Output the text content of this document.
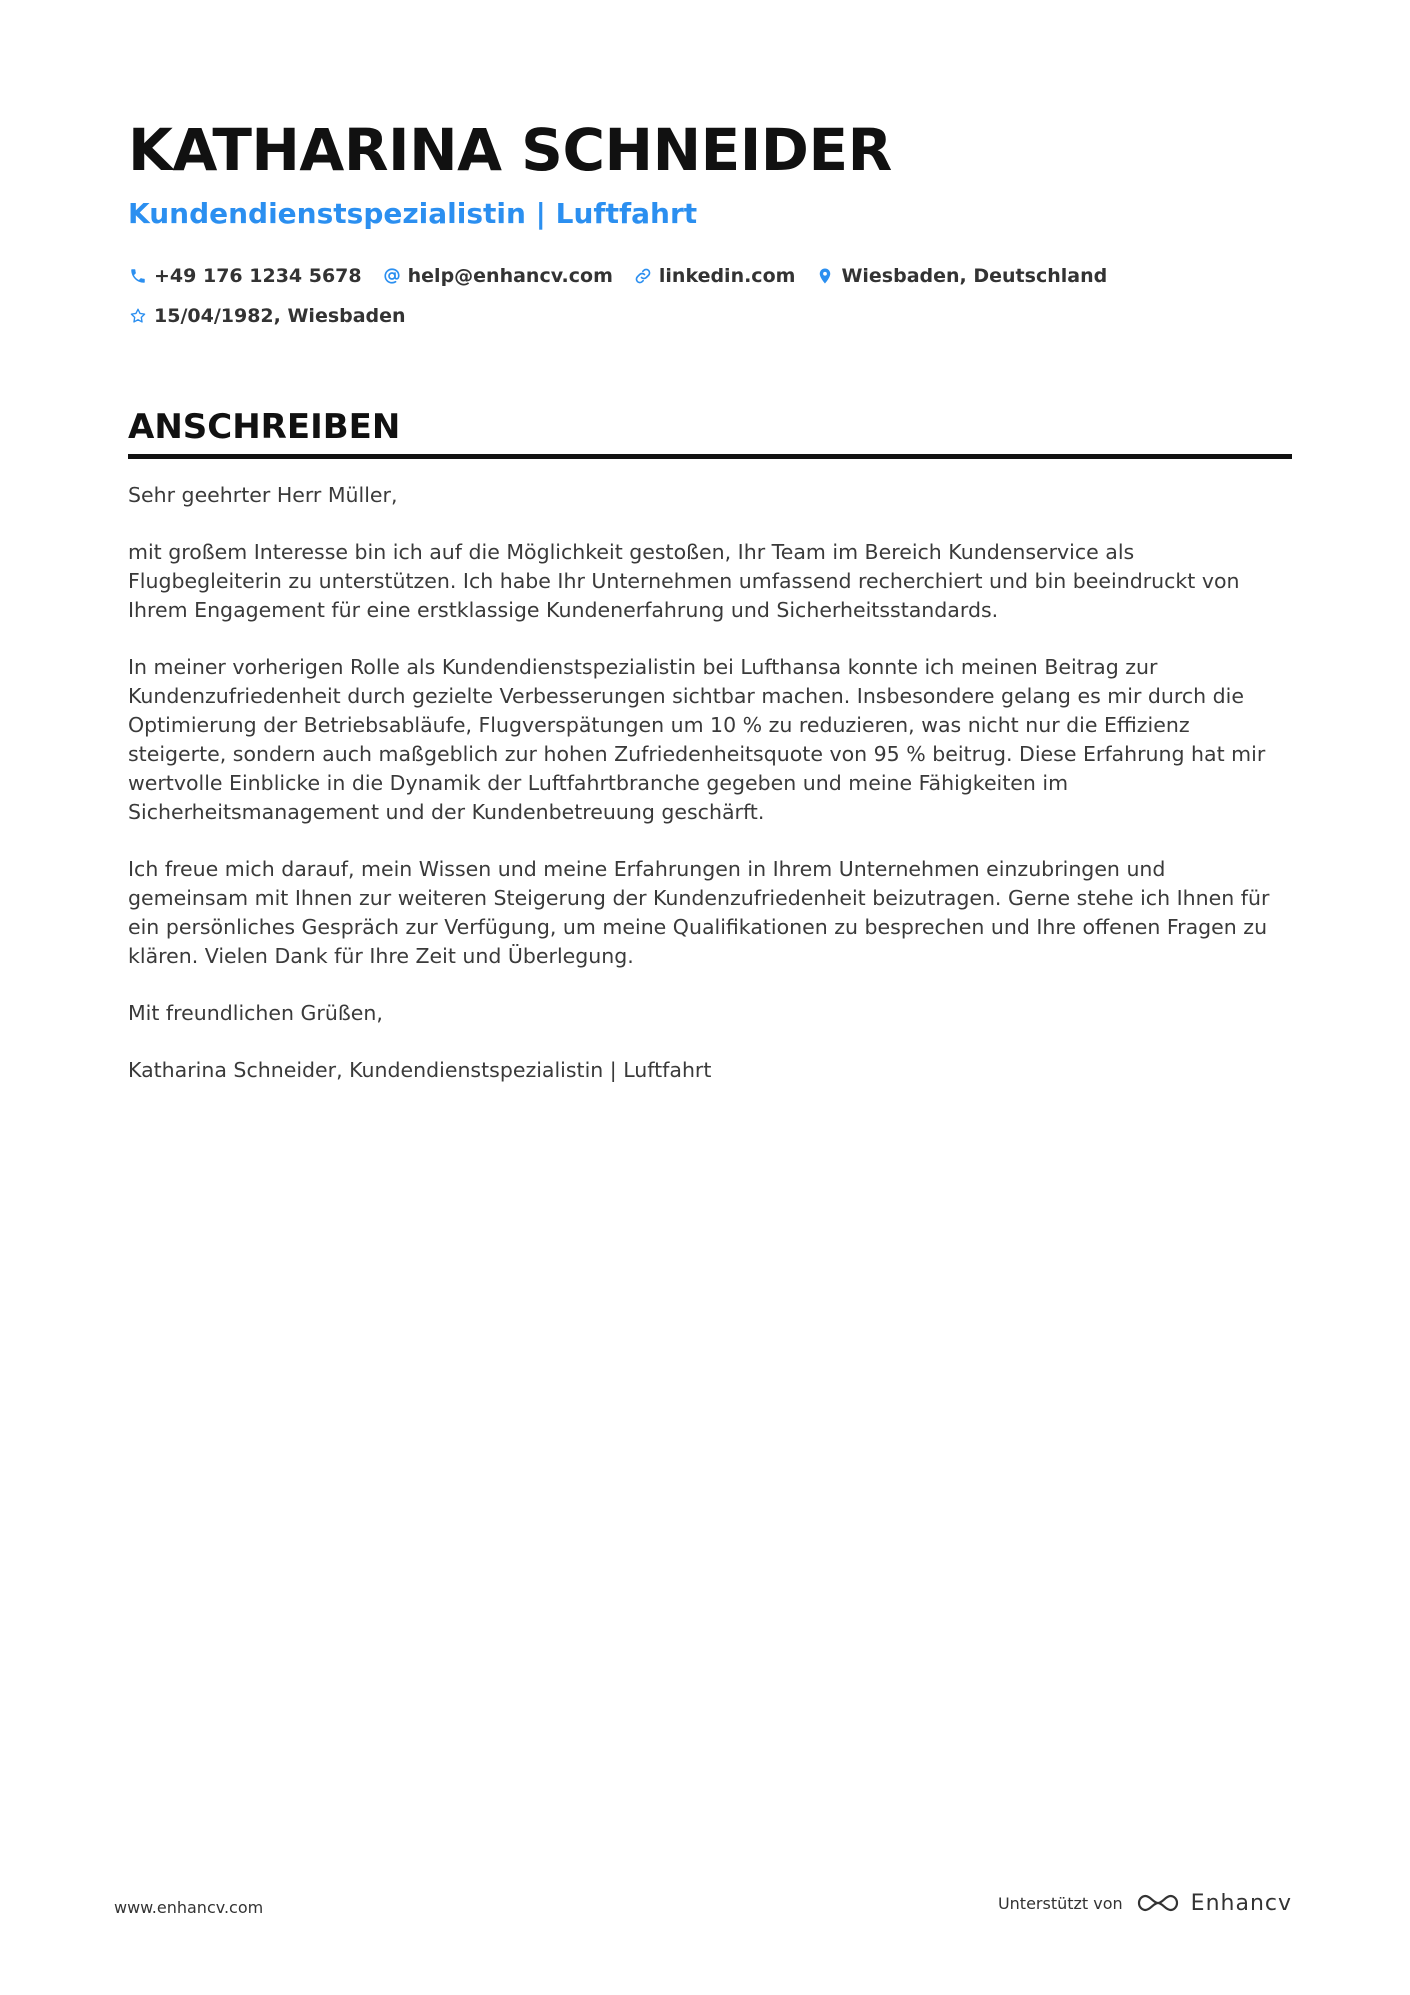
KATHARINA SCHNEIDER
Kundendienstspezialistin | Luftfahrt
+49 176 1234 5678 help@enhancv.com linkedin.com Wiesbaden, Deutschland
15/04/1982, Wiesbaden
ANSCHREIBEN

Sehr geehrter Herr Müller,

mit großem Interesse bin ich auf die Möglichkeit gestoßen, Ihr Team im Bereich Kundenservice als Flugbegleiterin zu unterstützen. Ich habe Ihr Unternehmen umfassend recherchiert und bin beeindruckt von Ihrem Engagement für eine erstklassige Kundenerfahrung und Sicherheitsstandards.

In meiner vorherigen Rolle als Kundendienstspezialistin bei Lufthansa konnte ich meinen Beitrag zur Kundenzufriedenheit durch gezielte Verbesserungen sichtbar machen. Insbesondere gelang es mir durch die Optimierung der Betriebsabläufe, Flugverspätungen um 10 % zu reduzieren, was nicht nur die Effizienz steigerte, sondern auch maßgeblich zur hohen Zufriedenheitsquote von 95 % beitrug. Diese Erfahrung hat mir wertvolle Einblicke in die Dynamik der Luftfahrtbranche gegeben und meine Fähigkeiten im Sicherheitsmanagement und der Kundenbetreuung geschärft.

Ich freue mich darauf, mein Wissen und meine Erfahrungen in Ihrem Unternehmen einzubringen und gemeinsam mit Ihnen zur weiteren Steigerung der Kundenzufriedenheit beizutragen. Gerne stehe ich Ihnen für ein persönliches Gespräch zur Verfügung, um meine Qualifikationen zu besprechen und Ihre offenen Fragen zu klären. Vielen Dank für Ihre Zeit und Überlegung.

Mit freundlichen Grüßen,

Katharina Schneider, Kundendienstspezialistin | Luftfahrt

www.enhancv.com	Unterstützt von	Enhancv
